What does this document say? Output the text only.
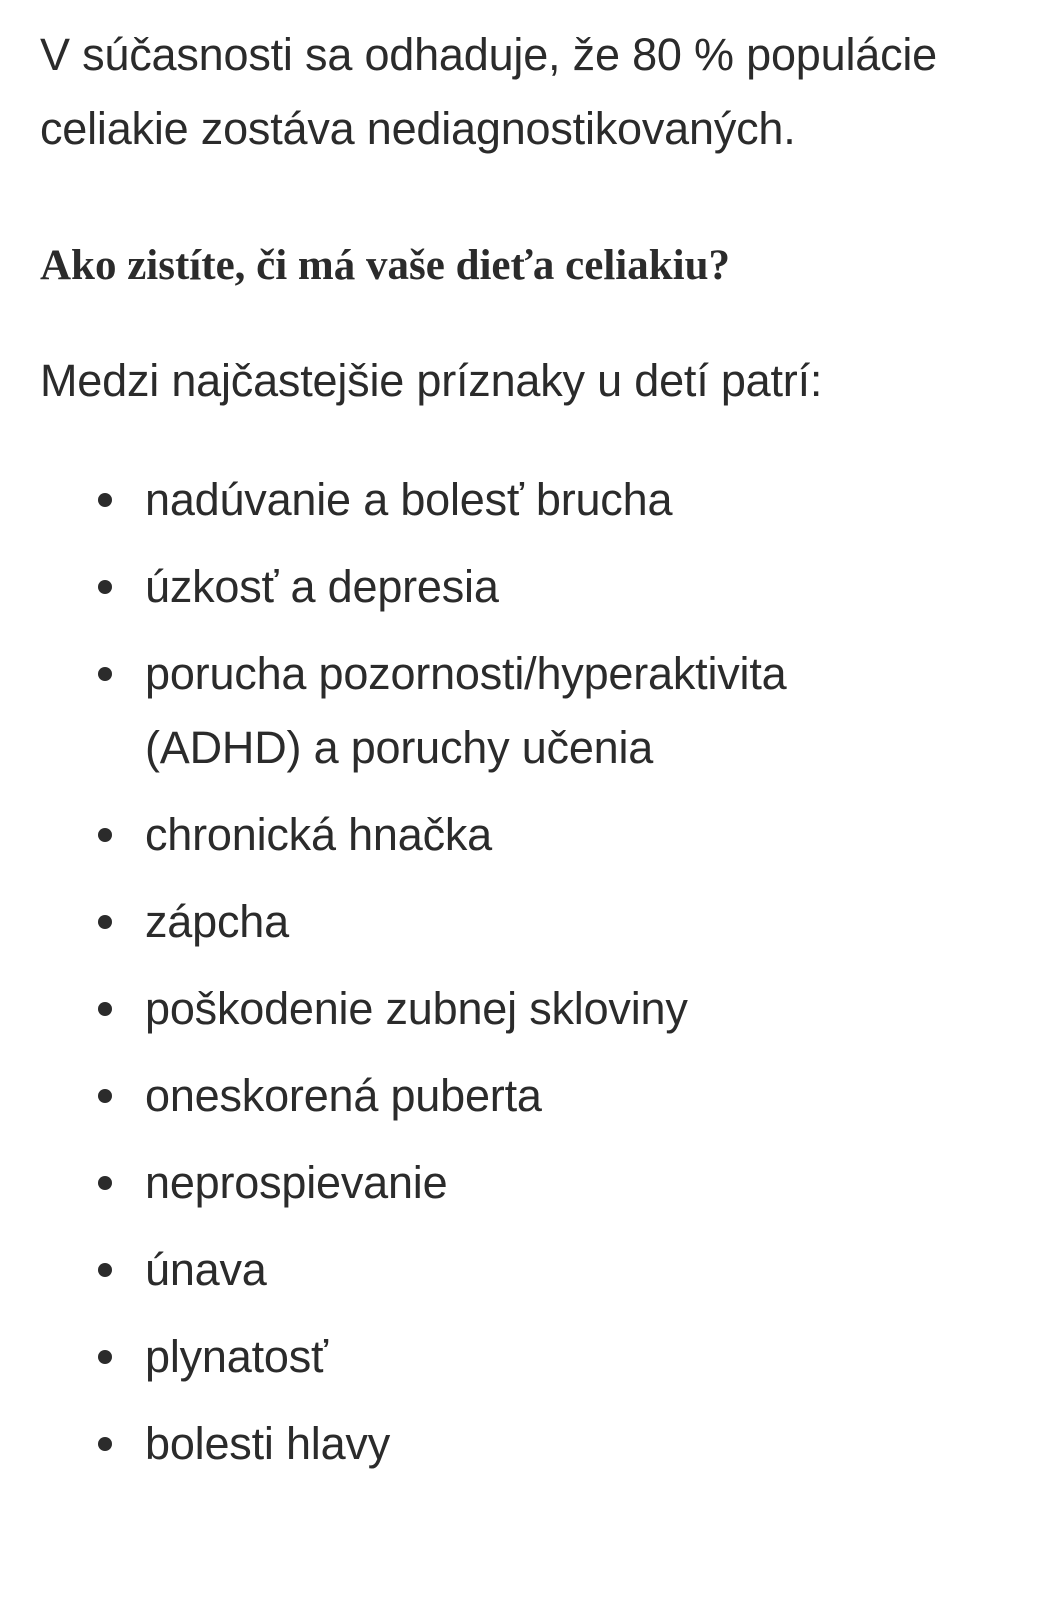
V súčasnosti sa odhaduje, že 80 % populácie celiakie zostáva nediagnostikovaných.

Ako zistíte, či má vaše dieťa celiakiu?

Medzi najčastejšie príznaky u detí patrí:

nadúvanie a bolesť brucha
úzkosť a depresia
porucha pozornosti/hyperaktivita (ADHD) a poruchy učenia
chronická hnačka
zápcha
poškodenie zubnej skloviny
oneskorená puberta
neprospievanie
únava
plynatosť
bolesti hlavy
